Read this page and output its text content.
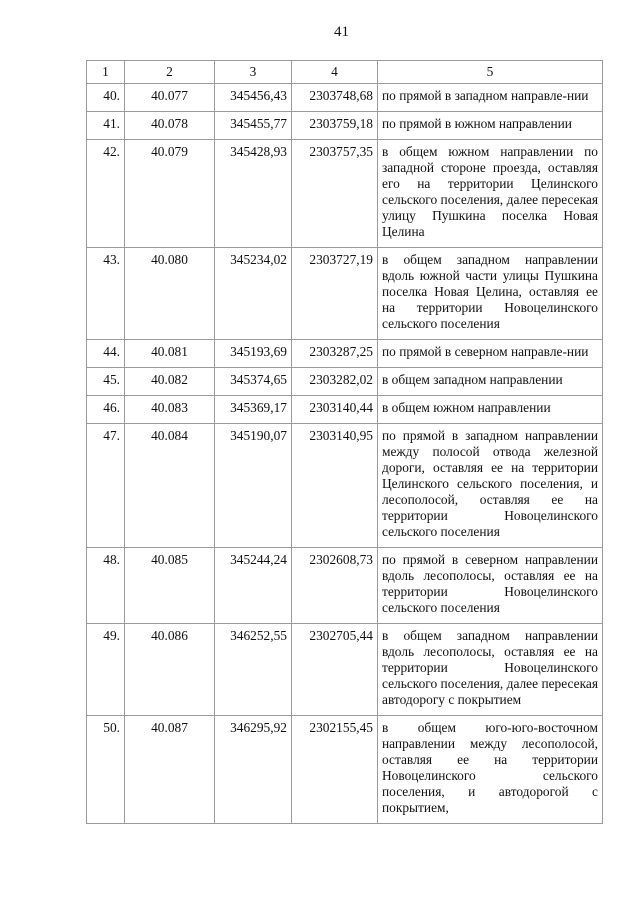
41
1	2	3	4	5
40.	40.077	345456,43	2303748,68	по прямой в западном направле-нии
41.	40.078	345455,77	2303759,18	по прямой в южном направлении
42.	40.079	345428,93	2303757,35	в общем южном направлении по западной стороне проезда, оставляя его на территории Целинского сельского поселения, далее пересекая улицу Пушкина поселка Новая Целина
43.	40.080	345234,02	2303727,19	в общем западном направлении вдоль южной части улицы Пушкина поселка Новая Целина, оставляя ее на территории Новоцелинского сельского поселения
44.	40.081	345193,69	2303287,25	по прямой в северном направле-нии
45.	40.082	345374,65	2303282,02	в общем западном направлении
46.	40.083	345369,17	2303140,44	в общем южном направлении
47.	40.084	345190,07	2303140,95	по прямой в западном направлении между полосой отвода железной дороги, оставляя ее на территории Целинского сельского поселения, и лесополосой, оставляя ее на территории Новоцелинского сельского поселения
48.	40.085	345244,24	2302608,73	по прямой в северном направлении вдоль лесополосы, оставляя ее на территории Новоцелинского сельского поселения
49.	40.086	346252,55	2302705,44	в общем западном направлении вдоль лесополосы, оставляя ее на территории Новоцелинского сельского поселения, далее пересекая автодорогу с покрытием
50.	40.087	346295,92	2302155,45	в общем юго-юго-восточном направлении между лесополосой, оставляя ее на территории Новоцелинского сельского поселения, и автодорогой с покрытием,
